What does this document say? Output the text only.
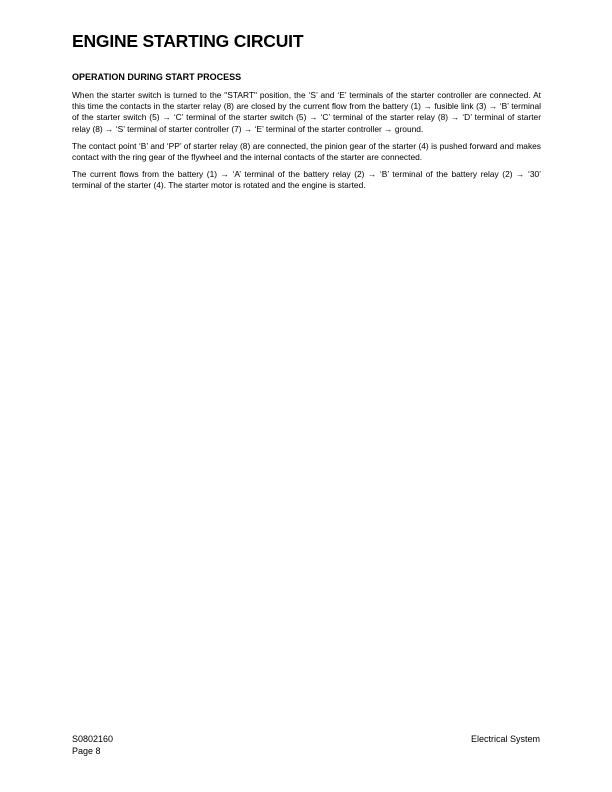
ENGINE STARTING CIRCUIT
OPERATION DURING START PROCESS

When the starter switch is turned to the "START" position, the ‘S’ and ‘E’ terminals of the starter controller are connected. At this time the contacts in the starter relay (8) are closed by the current flow from the battery (1) → fusible link (3) → ‘B’ terminal of the starter switch (5) → ‘C’ terminal of the starter switch (5) → ‘C’ terminal of the starter relay (8) → ‘D’ terminal of starter relay (8) → ‘S’ terminal of starter controller (7) → ‘E’ terminal of the starter controller → ground.

The contact point ‘B’ and ‘PP’ of starter relay (8) are connected, the pinion gear of the starter (4) is pushed forward and makes contact with the ring gear of the flywheel and the internal contacts of the starter are connected.

The current flows from the battery (1) → ‘A’ terminal of the battery relay (2) → ‘B’ terminal of the battery relay (2) → ‘30’ terminal of the starter (4). The starter motor is rotated and the engine is started.

S0802160
Page 8
Electrical System
